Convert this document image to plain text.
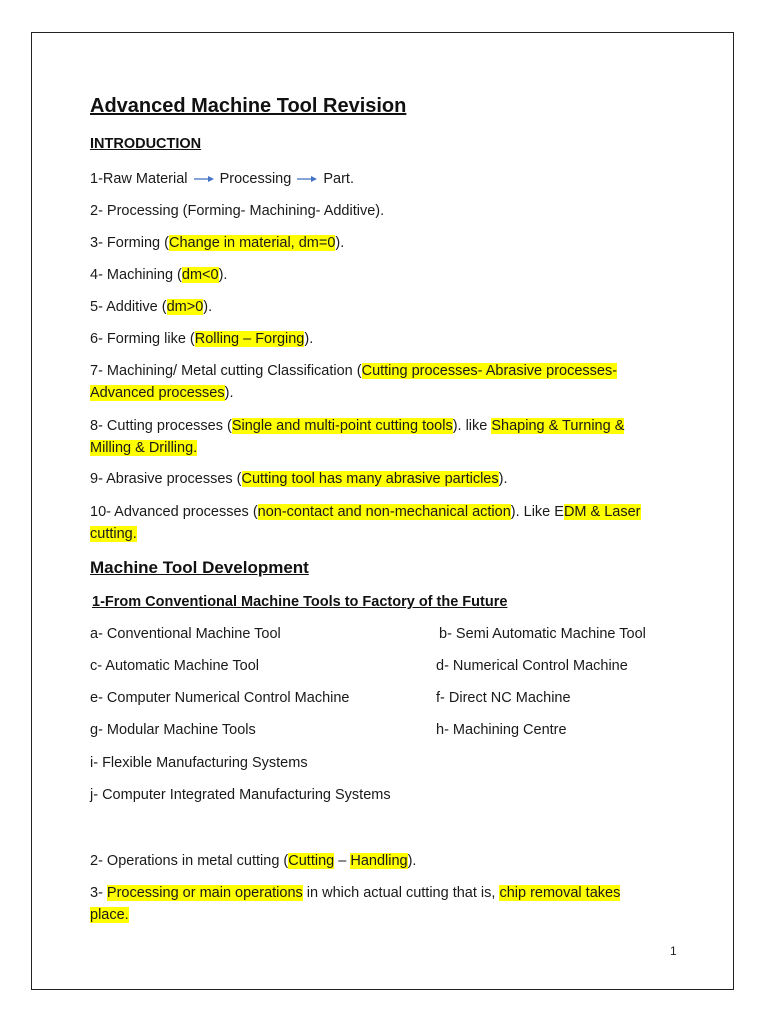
Advanced Machine Tool Revision
INTRODUCTION
1-Raw Material Processing Part.
2- Processing (Forming- Machining- Additive).
3- Forming (Change in material, dm=0).
4- Machining (dm<0).
5- Additive (dm>0).
6- Forming like (Rolling – Forging).
7- Machining/ Metal cutting Classification (Cutting processes- Abrasive processes- Advanced processes).
8- Cutting processes (Single and multi-point cutting tools). like Shaping & Turning & Milling & Drilling.
9- Abrasive processes (Cutting tool has many abrasive particles).
10- Advanced processes (non-contact and non-mechanical action). Like EDM & Laser cutting.
Machine Tool Development
1-From Conventional Machine Tools to Factory of the Future
a- Conventional Machine Tool	b- Semi Automatic Machine Tool
c- Automatic Machine Tool	d- Numerical Control Machine
e- Computer Numerical Control Machine	f- Direct NC Machine
g- Modular Machine Tools	h- Machining Centre
i- Flexible Manufacturing Systems
j- Computer Integrated Manufacturing Systems
2- Operations in metal cutting (Cutting – Handling).
3- Processing or main operations in which actual cutting that is, chip removal takes place.
1
